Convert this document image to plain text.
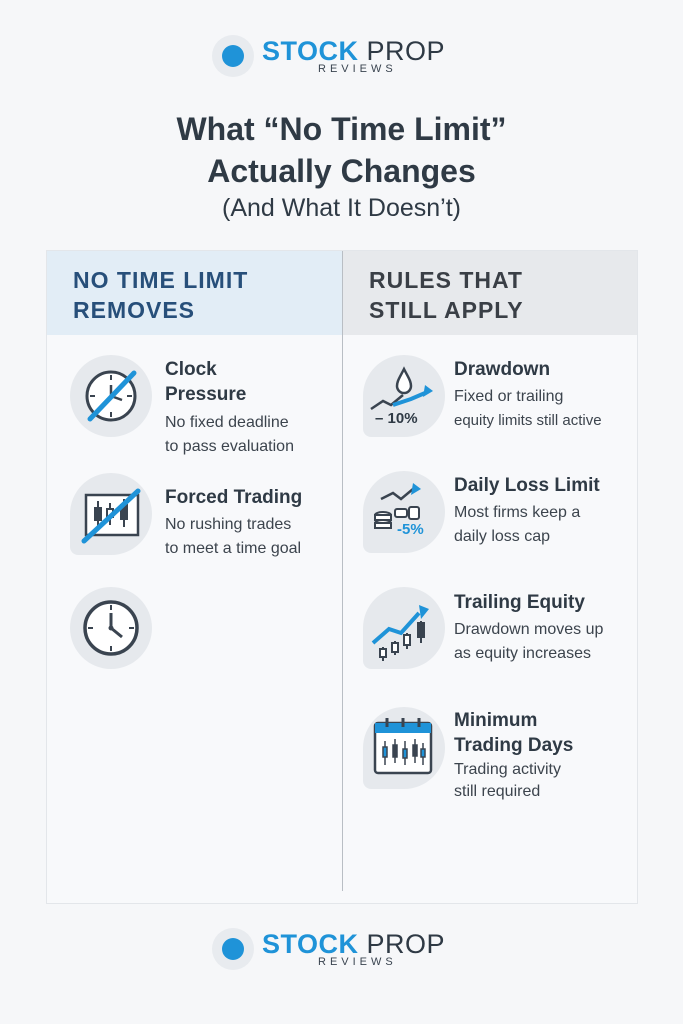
STOCK PROP
REVIEWS
What “No Time Limit”
Actually Changes
(And What It Doesn’t)
NO TIME LIMIT
REMOVES
RULES THAT
STILL APPLY
Clock
Pressure
No fixed deadline
to pass evaluation
Forced Trading
No rushing trades
to meet a time goal
– 10%
Drawdown
Fixed or trailing
equity limits still active
-5%
Daily Loss Limit
Most firms keep a
daily loss cap
Trailing Equity
Drawdown moves up
as equity increases
Minimum
Trading Days
Trading activity
still required
STOCK PROP
REVIEWS
